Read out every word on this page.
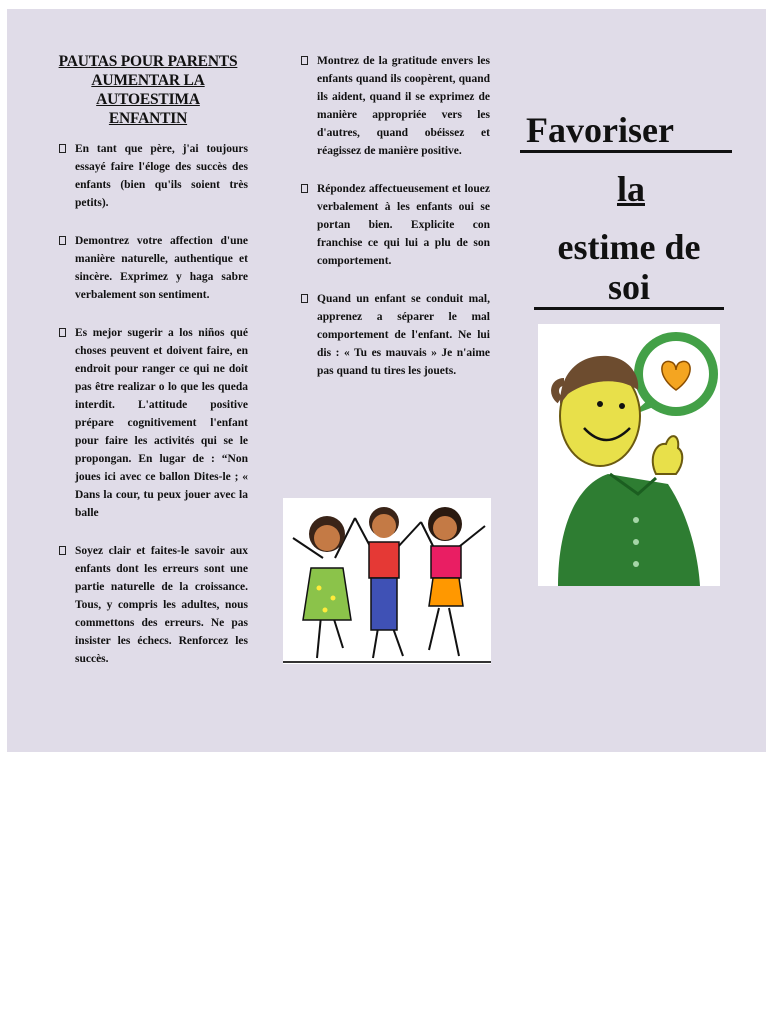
PAUTAS POUR PARENTS
AUMENTAR LA AUTOESTIMA
ENFANTIN
En tant que père, j'ai toujours essayé faire l'éloge des succès des enfants (bien qu'ils soient très petits).
Demontrez votre affection d'une manière naturelle, authentique et sincère. Exprimez y haga sabre verbalement son sentiment.
Es mejor sugerir a los niños qué choses peuvent et doivent faire, en endroit pour ranger ce qui ne doit pas être realizar o lo que les queda interdit. L'attitude positive prépare cognitivement l'enfant pour faire les activités qui se le propongan. En lugar de : “Non joues ici avec ce ballon Dites-le ; « Dans la cour, tu peux jouer avec la balle
Soyez clair et faites-le savoir aux enfants dont les erreurs sont une partie naturelle de la croissance. Tous, y compris les adultes, nous commettons des erreurs. Ne pas insister les échecs. Renforcez les succès.
Montrez de la gratitude envers les enfants quand ils coopèrent, quand ils aident, quand il se exprimez de manière appropriée vers les d'autres, quand obéissez et réagissez de manière positive.
Répondez affectueusement et louez verbalement à les enfants oui se portan bien. Explicite con franchise ce qui lui a plu de son comportement.
Quand un enfant se conduit mal, apprenez a séparer le mal comportement de l'enfant. Ne lui dis : « Tu es mauvais » Je n'aime pas quand tu tires les jouets.
Favoriser
la
estime de soi
